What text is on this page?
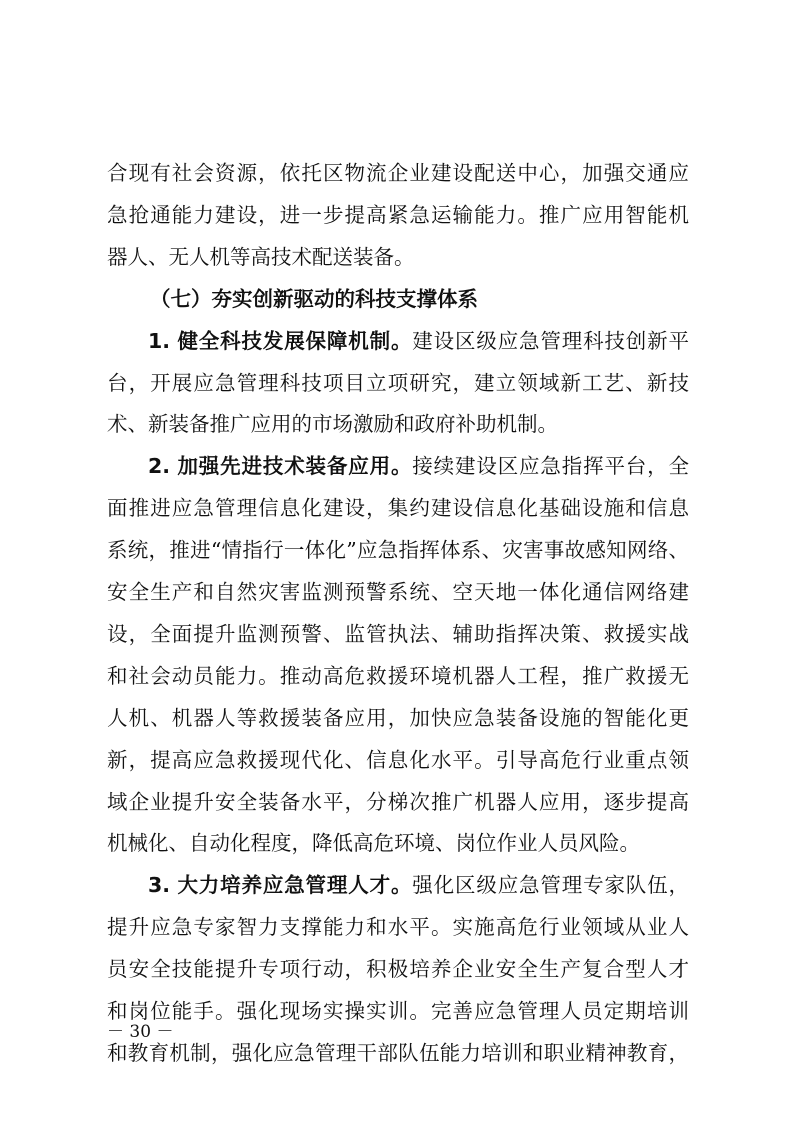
合现有社会资源，依托区物流企业建设配送中心，加强交通应
急抢通能力建设，进一步提高紧急运输能力。推广应用智能机
器人、无人机等高技术配送装备。
（七）夯实创新驱动的科技支撑体系
1. 健全科技发展保障机制。建设区级应急管理科技创新平
台，开展应急管理科技项目立项研究，建立领域新工艺、新技
术、新装备推广应用的市场激励和政府补助机制。
2. 加强先进技术装备应用。接续建设区应急指挥平台，全
面推进应急管理信息化建设，集约建设信息化基础设施和信息
系统，推进“情指行一体化”应急指挥体系、灾害事故感知网络、
安全生产和自然灾害监测预警系统、空天地一体化通信网络建
设，全面提升监测预警、监管执法、辅助指挥决策、救援实战
和社会动员能力。推动高危救援环境机器人工程，推广救援无
人机、机器人等救援装备应用，加快应急装备设施的智能化更
新，提高应急救援现代化、信息化水平。引导高危行业重点领
域企业提升安全装备水平，分梯次推广机器人应用，逐步提高
机械化、自动化程度，降低高危环境、岗位作业人员风险。
3. 大力培养应急管理人才。强化区级应急管理专家队伍，
提升应急专家智力支撑能力和水平。实施高危行业领域从业人
员安全技能提升专项行动，积极培养企业安全生产复合型人才
和岗位能手。强化现场实操实训。完善应急管理人员定期培训
－ 30 －
和教育机制，强化应急管理干部队伍能力培训和职业精神教育，
